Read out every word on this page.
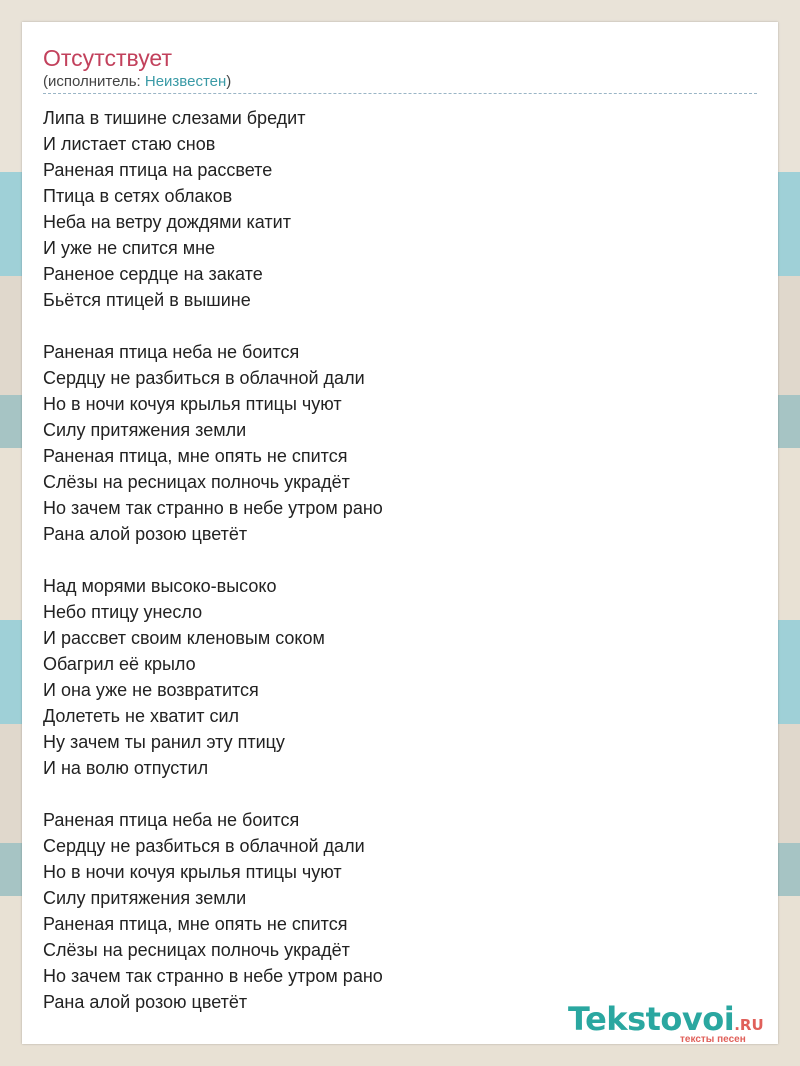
Отсутствует
(исполнитель: Неизвестен)
Липа в тишине слезами бредит
И листает стаю снов
Раненая птица на рассвете
Птица в сетях облаков
Неба на ветру дождями катит
И уже не спится мне
Раненое сердце на закате
Бьётся птицей в вышине
Раненая птица неба не боится
Сердцу не разбиться в облачной дали
Но в ночи кочуя крылья птицы чуют
Силу притяжения земли
Раненая птица, мне опять не спится
Слёзы на ресницах полночь украдёт
Но зачем так странно в небе утром рано
Рана алой розою цветёт
Над морями высоко-высоко
Небо птицу унесло
И рассвет своим кленовым соком
Обагрил её крыло
И она уже не возвратится
Долететь не хватит сил
Ну зачем ты ранил эту птицу
И на волю отпустил
Раненая птица неба не боится
Сердцу не разбиться в облачной дали
Но в ночи кочуя крылья птицы чуют
Силу притяжения земли
Раненая птица, мне опять не спится
Слёзы на ресницах полночь украдёт
Но зачем так странно в небе утром рано
Рана алой розою цветёт	Tekstovoi.RU
тексты песен
